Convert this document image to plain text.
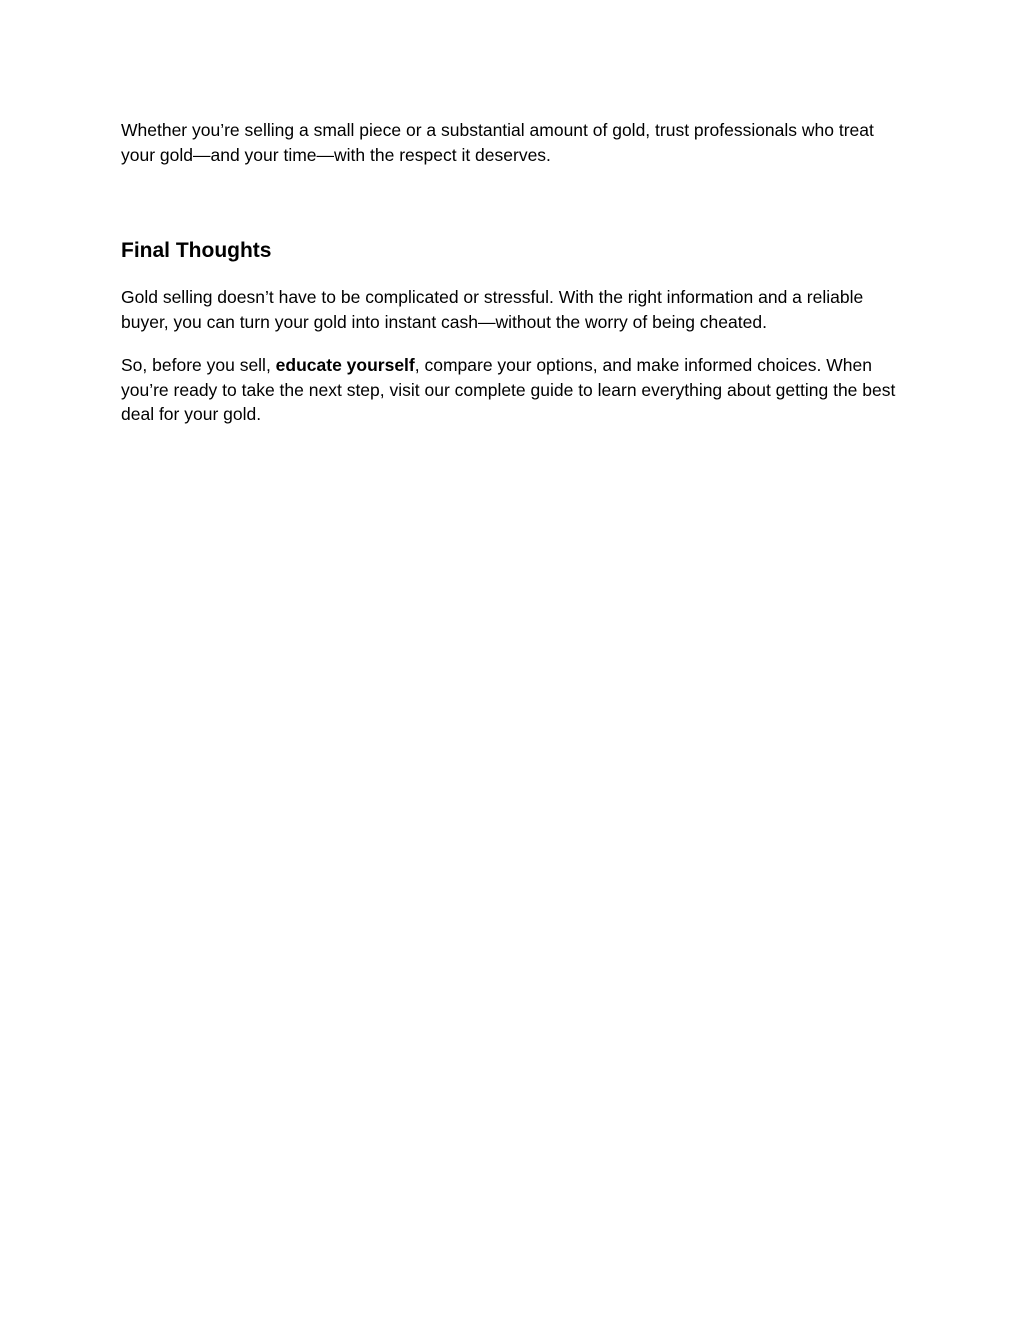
Whether you’re selling a small piece or a substantial amount of gold, trust professionals who treat your gold—and your time—with the respect it deserves.

Final Thoughts

Gold selling doesn’t have to be complicated or stressful. With the right information and a reliable buyer, you can turn your gold into instant cash—without the worry of being cheated.

So, before you sell, educate yourself, compare your options, and make informed choices. When you’re ready to take the next step, visit our complete guide to learn everything about getting the best deal for your gold.
